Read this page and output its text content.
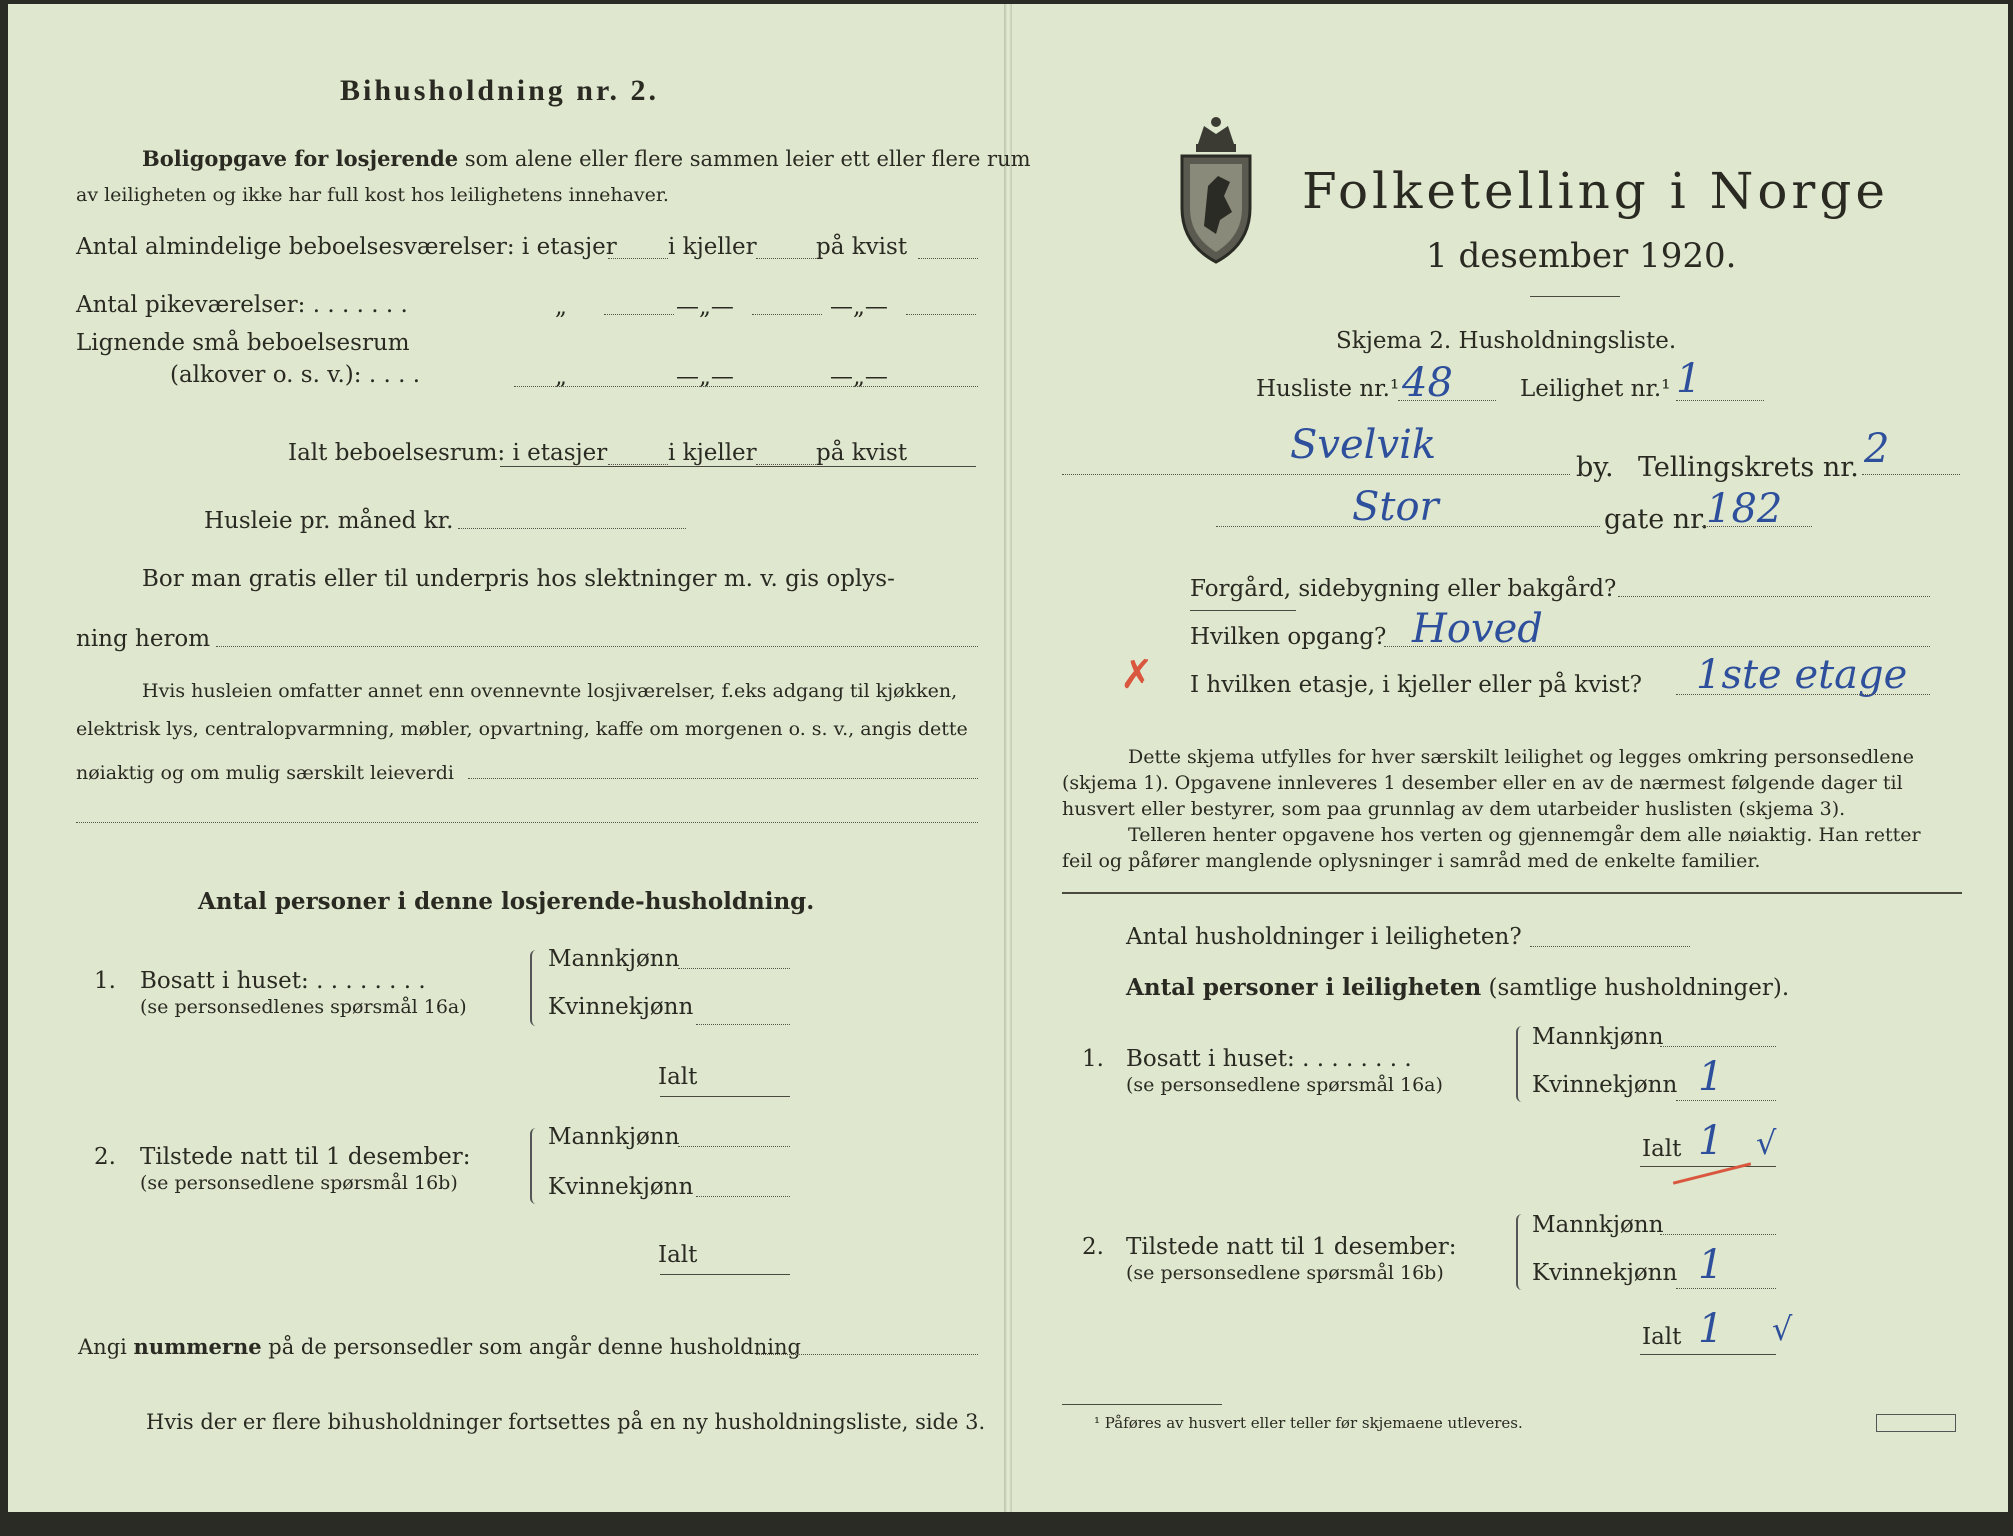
Bihusholdning nr. 2.
Boligopgave for losjerende som alene eller flere sammen leier ett eller flere rum
av leiligheten og ikke har full kost hos leilighetens innehaver.
Antal almindelige beboelsesværelser: i etasjer i kjeller	på kvist
Antal pikeværelser: . . . . . . .	„	—„—	—„—
Lignende små beboelsesrum
(alkover o. s. v.): . . . .	„	—„—	—„—
Ialt beboelsesrum: i etasjer	i kjeller	på kvist
Husleie pr. måned kr.
Bor man gratis eller til underpris hos slektninger m. v. gis oplys-
ning herom
Hvis husleien omfatter annet enn ovennevnte losjiværelser, f.eks adgang til kjøkken,
elektrisk lys, centralopvarmning, møbler, opvartning, kaffe om morgenen o. s. v., angis dette
nøiaktig og om mulig særskilt leieverdi
Antal personer i denne losjerende-husholdning.
1. Bosatt i huset: . . . . . . . .
(se personsedlenes spørsmål 16a)
Mannkjønn
Kvinnekjønn
Ialt
2. Tilstede natt til 1 desember:
(se personsedlene spørsmål 16b)
Mannkjønn
Kvinnekjønn
Ialt
Angi nummerne på de personsedler som angår denne husholdning
Hvis der er flere bihusholdninger fortsettes på en ny husholdningsliste, side 3.
Folketelling i Norge
1 desember 1920.
Skjema 2. Husholdningsliste.
Husliste nr.¹ 48	Leilighet nr.¹ 1
Svelvik	by. Tellingskrets nr. 2
Stor	gate nr.
182
Forgård, sidebygning eller bakgård?
Hvilken opgang? Hoved
✗ I hvilken etasje, i kjeller eller på kvist? 1ste etage
Dette skjema utfylles for hver særskilt leilighet og legges omkring personsedlene
(skjema 1). Opgavene innleveres 1 desember eller en av de nærmest følgende dager til
husvert eller bestyrer, som paa grunnlag av dem utarbeider huslisten (skjema 3).
Telleren henter opgavene hos verten og gjennemgår dem alle nøiaktig. Han retter
feil og påfører manglende oplysninger i samråd med de enkelte familier.
Antal husholdninger i leiligheten?
Antal personer i leiligheten (samtlige husholdninger).
1. Bosatt i huset: . . . . . . . .
(se personsedlene spørsmål 16a)
Mannkjønn
Kvinnekjønn 1
Ialt 1 √
2. Tilstede natt til 1 desember:
(se personsedlene spørsmål 16b)
Mannkjønn
Kvinnekjønn 1
Ialt 1 √
¹ Påføres av husvert eller teller før skjemaene utleveres.
